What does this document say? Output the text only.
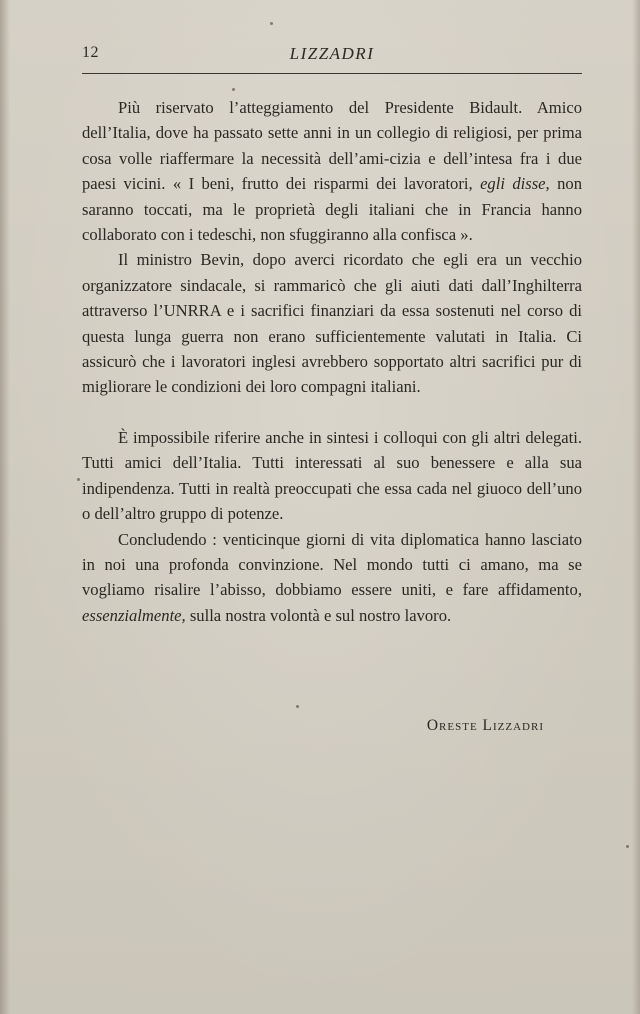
12	LIZZADRI

Più riservato l’atteggiamento del Presidente Bidault. Amico dell’Italia, dove ha passato sette anni in un collegio di religiosi, per prima cosa volle riaffermare la necessità dell’ami-cizia e dell’intesa fra i due paesi vicini. « I beni, frutto dei risparmi dei lavoratori, egli disse, non saranno toccati, ma le proprietà degli italiani che in Francia hanno collaborato con i tedeschi, non sfuggiranno alla confisca ».

Il ministro Bevin, dopo averci ricordato che egli era un vecchio organizzatore sindacale, si rammaricò che gli aiuti dati dall’Inghilterra attraverso l’UNRRA e i sacrifici finanziari da essa sostenuti nel corso di questa lunga guerra non erano sufficientemente valutati in Italia. Ci assicurò che i lavoratori inglesi avrebbero sopportato altri sacrifici pur di migliorare le condizioni dei loro compagni italiani.

È impossibile riferire anche in sintesi i colloqui con gli altri delegati. Tutti amici dell’Italia. Tutti interessati al suo benessere e alla sua indipendenza. Tutti in realtà preoccupati che essa cada nel giuoco dell’uno o dell’altro gruppo di potenze.

Concludendo : venticinque giorni di vita diplomatica hanno lasciato in noi una profonda convinzione. Nel mondo tutti ci amano, ma se vogliamo risalire l’abisso, dobbiamo essere uniti, e fare affidamento, essenzialmente, sulla nostra volontà e sul nostro lavoro.

Oreste Lizzadri
